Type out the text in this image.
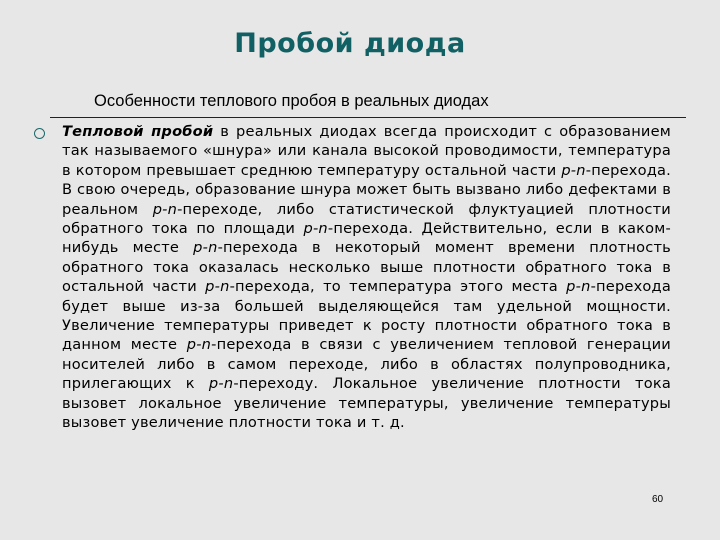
Пробой диода
Особенности теплового пробоя в реальных диодах
Тепловой пробой в реальных диодах всегда происходит с образованием так называемого «шнура» или канала высокой проводимости, температура в котором превышает среднюю температуру остальной части p-n-перехода. В свою очередь, образование шнура может быть вызвано либо дефектами в реальном p-n-переходе, либо статистической флуктуацией плотности обратного тока по площади p-n-перехода. Действительно, если в каком-нибудь месте p-n-перехода в некоторый момент времени плотность обратного тока оказалась несколько выше плотности обратного тока в остальной части p-n-перехода, то температура этого места p-n-перехода будет выше из-за большей выделяющейся там удельной мощности. Увеличение температуры приведет к росту плотности обратного тока в данном месте p-n-перехода в связи с увеличением тепловой генерации носителей либо в самом переходе, либо в областях полупроводника, прилегающих к p-n-переходу. Локальное увеличение плотности тока вызовет локальное увеличение температуры, увеличение температуры вызовет увеличение плотности тока и т. д.
60
